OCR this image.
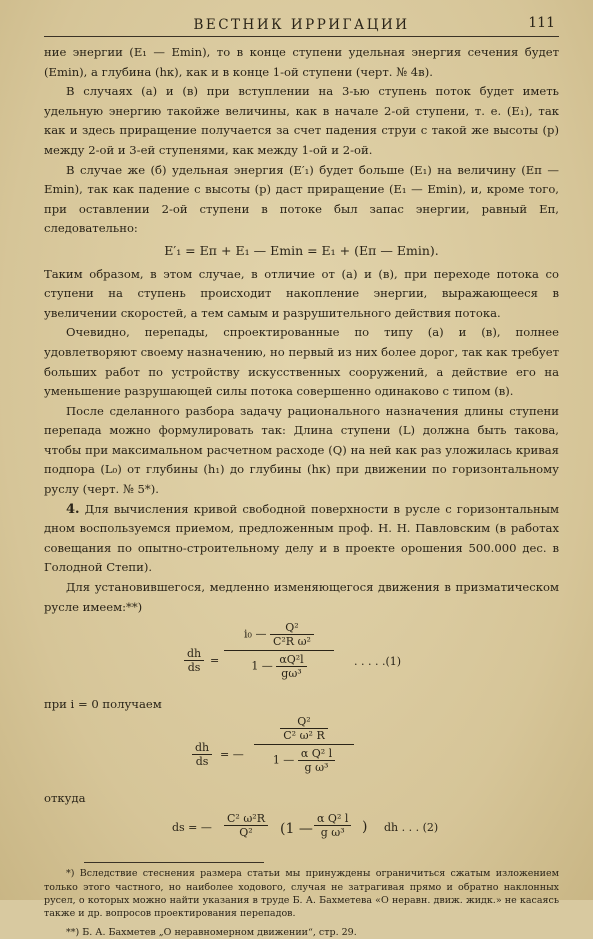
ВЕСТНИК ИРРИГАЦИИ	111

ние энергии (E₁ — Emin), то в конце ступени удельная энергия сечения будет (Emin), а глубина (hк), как и в конце 1-ой ступени (черт. № 4в).

В случаях (а) и (в) при вступлении на 3-ью ступень поток будет иметь удельную энергию такойже величины, как в начале 2-ой ступени, т. е. (E₁), так как и здесь приращение получается за счет падения струи с такой же высоты (р) между 2-ой и 3-ей ступенями, как между 1-ой и 2-ой.

В случае же (б) удельная энергия (E′₁) будет больше (E₁) на величину (Eп — Emin), так как падение с высоты (р) даст приращение (E₁ — Emin), и, кроме того, при оставлении 2-ой ступени в потоке был запас энергии, равный Eп, следовательно:

E′₁ = Eп + E₁ — Emin = E₁ + (Eп — Emin).

Таким образом, в этом случае, в отличие от (а) и (в), при переходе потока со ступени на ступень происходит накопление энергии, выражающееся в увеличении скоростей, а тем самым и разрушительного действия потока.

Очевидно, перепады, спроектированные по типу (а) и (в), полнее удовлетворяют своему назначению, но первый из них более дорог, так как требует больших работ по устройству искусственных сооружений, а действие его на уменьшение разрушающей силы потока совершенно одинаково с типом (в).

После сделанного разбора задачу рационального назначения длины ступени перепада можно формулировать так: Длина ступени (L) должна быть такова, чтобы при максимальном расчетном расходе (Q) на ней как раз уложилась кривая подпора (L₀) от глубины (h₁) до глубины (hк) при движении по горизонтальному руслу (черт. № 5*).

4. Для вычисления кривой свободной поверхности в русле с горизонтальным дном воспользуемся приемом, предложенным проф. Н. Н. Павловским (в работах совещания по опытно-строительному делу и в проекте орошения 500.000 дес. в Голодной Степи).

Для установившегося, медленно изменяющегося движения в призматическом русле имеем:**)

$\frac{dh}{ds}$ =
i₀ — $\frac{\text{Q²}}{\text{C²R ω²}}$
1 — $\frac{\text{αQ²l}}{\text{gω³}}$	. . . . .(1)
при i = 0 получаем
$\frac{dh}{ds}$ = —
$\frac{\text{Q²}}{\text{C² ω² R}}$
1 — $\frac{\text{α Q² l}}{\text{g ω³}}$
откуда
ds = — $\frac{\text{C² ω²R}}{\text{Q²}} (1$ — $\frac{\text{α Q² l}}{\text{g ω³}}$ ) dh . . . (2)

*) Вследствие стеснения размера статьи мы принуждены ограничиться сжатым изложением только этого частного, но наиболее ходового, случая не затрагивая прямо и обратно наклонных русел, о которых можно найти указания в труде Б. А. Бахметева «О неравн. движ. жидк.» не касаясь также и др. вопросов проектирования перепадов.

**) Б. А. Бахметев „О неравномерном движении“, стр. 29.
